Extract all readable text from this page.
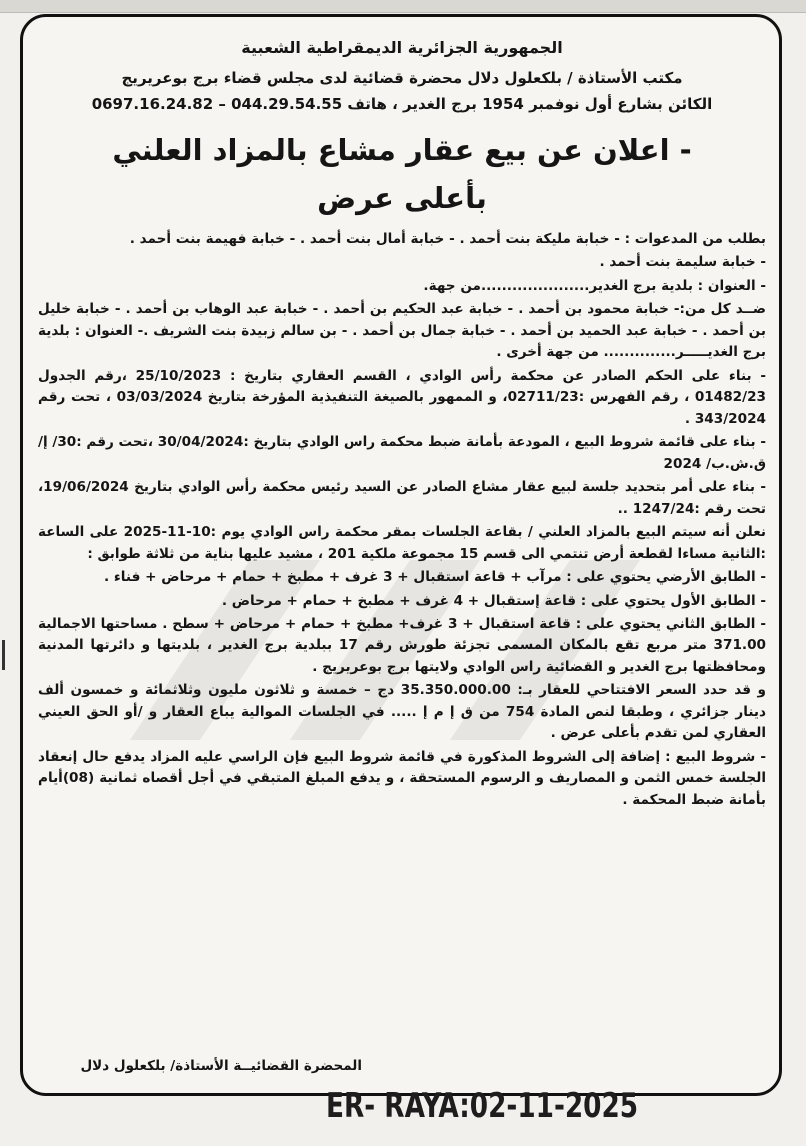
الجمهورية الجزائرية الديمقراطية الشعبية
مكتب الأستاذة / بلكعلول دلال محضرة قضائية لدى مجلس قضاء برج بوعريريج
الكائن بشارع أول نوفمبر 1954 برج الغدير ، هاتف 044.29.54.55 – 0697.16.24.82
- اعلان عن بيع عقار مشاع بالمزاد العلني
بأعلى عرض

بطلب من المدعوات : - خبابة مليكة بنت أحمد . - خبابة أمال بنت أحمد . - خبابة فهيمة بنت أحمد .

- خبابة سليمة بنت أحمد .

- العنوان : بلدية برج الغدير.....................من جهة.

ضــد كل من:- خبابة محمود بن أحمد . - خبابة عبد الحكيم بن أحمد . - خبابة عبد الوهاب بن أحمد . - خبابة خليل بن أحمد . - خبابة عبد الحميد بن أحمد . - خبابة جمال بن أحمد . - بن سالم زبيدة بنت الشريف .- العنوان : بلدية برج الغديـــــر.............. من جهة أخرى .

- بناء على الحكم الصادر عن محكمة رأس الوادي ، القسم العقاري بتاريخ : 25/10/2023 ،رقم الجدول 01482/23 ، رقم الفهرس :02711/23، و الممهور بالصيغة التنفيذية المؤرخة بتاريخ 03/03/2024 ، تحت رقم 343/2024 .

- بناء على قائمة شروط البيع ، المودعة بأمانة ضبط محكمة راس الوادي بتاريخ :30/04/2024 ،تحت رقم :30/ إ/ ق.ش.ب/ 2024

- بناء على أمر بتحديد جلسة لبيع عقار مشاع الصادر عن السيد رئيس محكمة رأس الوادي بتاريخ 19/06/2024، تحت رقم :1247/24 ..

نعلن أنه سيتم البيع بالمزاد العلني / بقاعة الجلسات بمقر محكمة راس الوادي يوم :10-11-2025 على الساعة :الثانية مساءا لقطعة أرض تنتمي الى قسم 15 مجموعة ملكية 201 ، مشيد عليها بناية من ثلاثة طوابق :

- الطابق الأرضي يحتوي على : مرآب + قاعة استقبال + 3 غرف + مطبخ + حمام + مرحاض + فناء .

- الطابق الأول يحتوي على : قاعة إستقبال + 4 غرف + مطبخ + حمام + مرحاض .

- الطابق الثاني يحتوي على : قاعة استقبال + 3 غرف+ مطبخ + حمام + مرحاض + سطح . مساحتها الاجمالية 371.00 متر مربع تقع بالمكان المسمى تجزئة طورش رقم 17 ببلدية برج الغدير ، بلديتها و دائرتها المدنية ومحافظتها برج الغدير و القضائية راس الوادي ولايتها برج بوعريريج .

و قد حدد السعر الافتتاحي للعقار بـ: 35.350.000.00 دج – خمسة و ثلاثون مليون وثلاثمائة و خمسون ألف دينار جزائري ، وطبقا لنص المادة 754 من ق إ م إ ..... في الجلسات الموالية يباع العقار و /أو الحق العيني العقاري لمن تقدم بأعلى عرض .

- شروط البيع : إضافة إلى الشروط المذكورة في قائمة شروط البيع فإن الراسي عليه المزاد يدفع حال إنعقاد الجلسة خمس الثمن و المصاريف و الرسوم المستحقة ، و يدفع المبلغ المتبقي في أجل أقصاه ثمانية (08)أيام بأمانة ضبط المحكمة .

المحضرة القضائيــة الأستاذة/ بلكعلول دلال
ER- RAYA:02-11-2025
